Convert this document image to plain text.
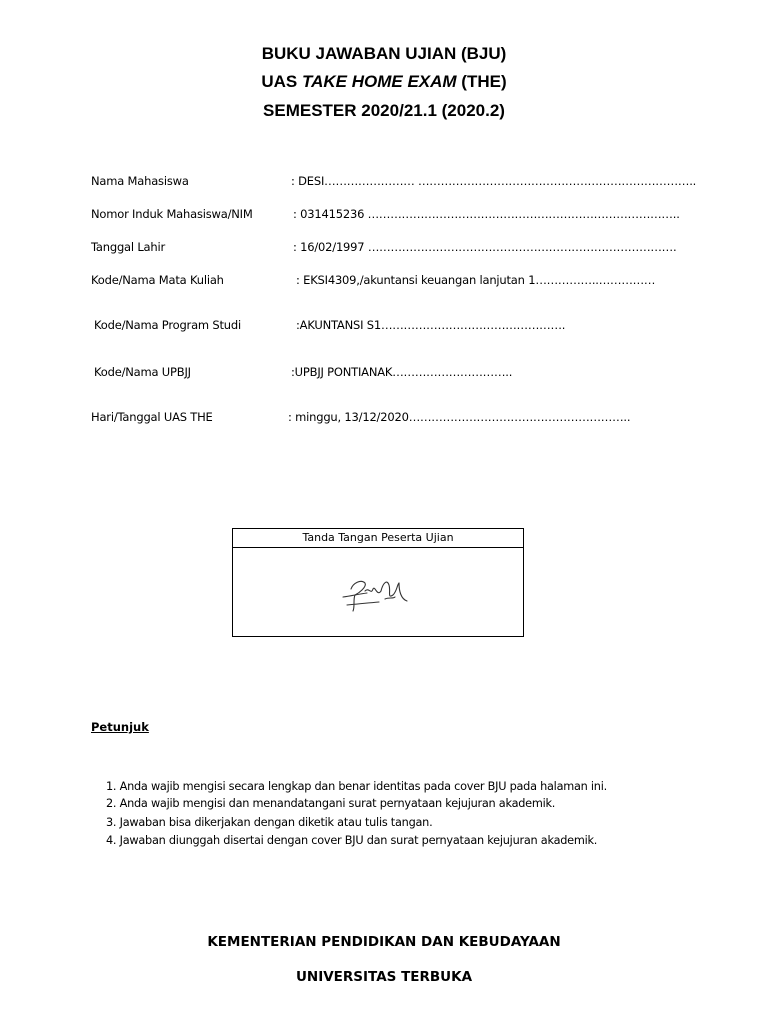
BUKU JAWABAN UJIAN (BJU)
UAS TAKE HOME EXAM (THE)
SEMESTER 2020/21.1 (2020.2)
Nama Mahasiswa	: DESI…………………… ………………………………………………………………..
Nomor Induk Mahasiswa/NIM	: 031415236 ………………………………………………………………………..
Tanggal Lahir	: 16/02/1997 ……………………………………………………………………….
Kode/Nama Mata Kuliah	: EKSI4309,/akuntansi keuangan lanjutan 1……………..……………
Kode/Nama Program Studi	:AKUNTANSI S1………………………………………….
Kode/Nama UPBJJ	:UPBJJ PONTIANAK…………………………..
Hari/Tanggal UAS THE	: minggu, 13/12/2020…………………………………………………..
Tanda Tangan Peserta Ujian
Petunjuk
1. Anda wajib mengisi secara lengkap dan benar identitas pada cover BJU pada halaman ini.
2. Anda wajib mengisi dan menandatangani surat pernyataan kejujuran akademik.
3. Jawaban bisa dikerjakan dengan diketik atau tulis tangan.
4. Jawaban diunggah disertai dengan cover BJU dan surat pernyataan kejujuran akademik.
KEMENTERIAN PENDIDIKAN DAN KEBUDAYAAN
UNIVERSITAS TERBUKA
